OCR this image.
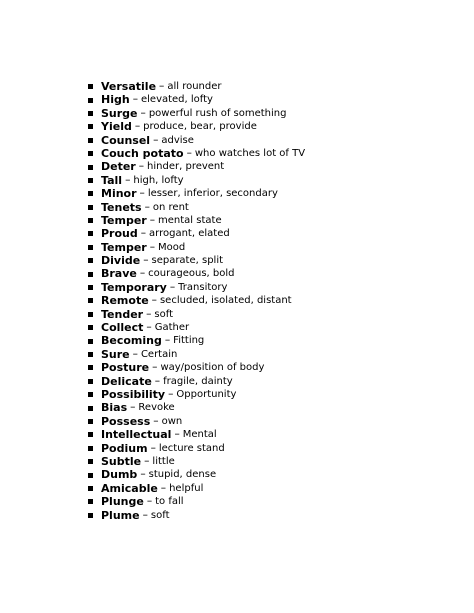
Versatile – all rounder
High – elevated, lofty
Surge – powerful rush of something
Yield – produce, bear, provide
Counsel – advise
Couch potato – who watches lot of TV
Deter – hinder, prevent
Tall – high, lofty
Minor – lesser, inferior, secondary
Tenets – on rent
Temper – mental state
Proud – arrogant, elated
Temper – Mood
Divide – separate, split
Brave – courageous, bold
Temporary – Transitory
Remote – secluded, isolated, distant
Tender – soft
Collect – Gather
Becoming – Fitting
Sure – Certain
Posture – way/position of body
Delicate – fragile, dainty
Possibility – Opportunity
Bias – Revoke
Possess – own
Intellectual – Mental
Podium – lecture stand
Subtle – little
Dumb – stupid, dense
Amicable – helpful
Plunge – to fall
Plume – soft
